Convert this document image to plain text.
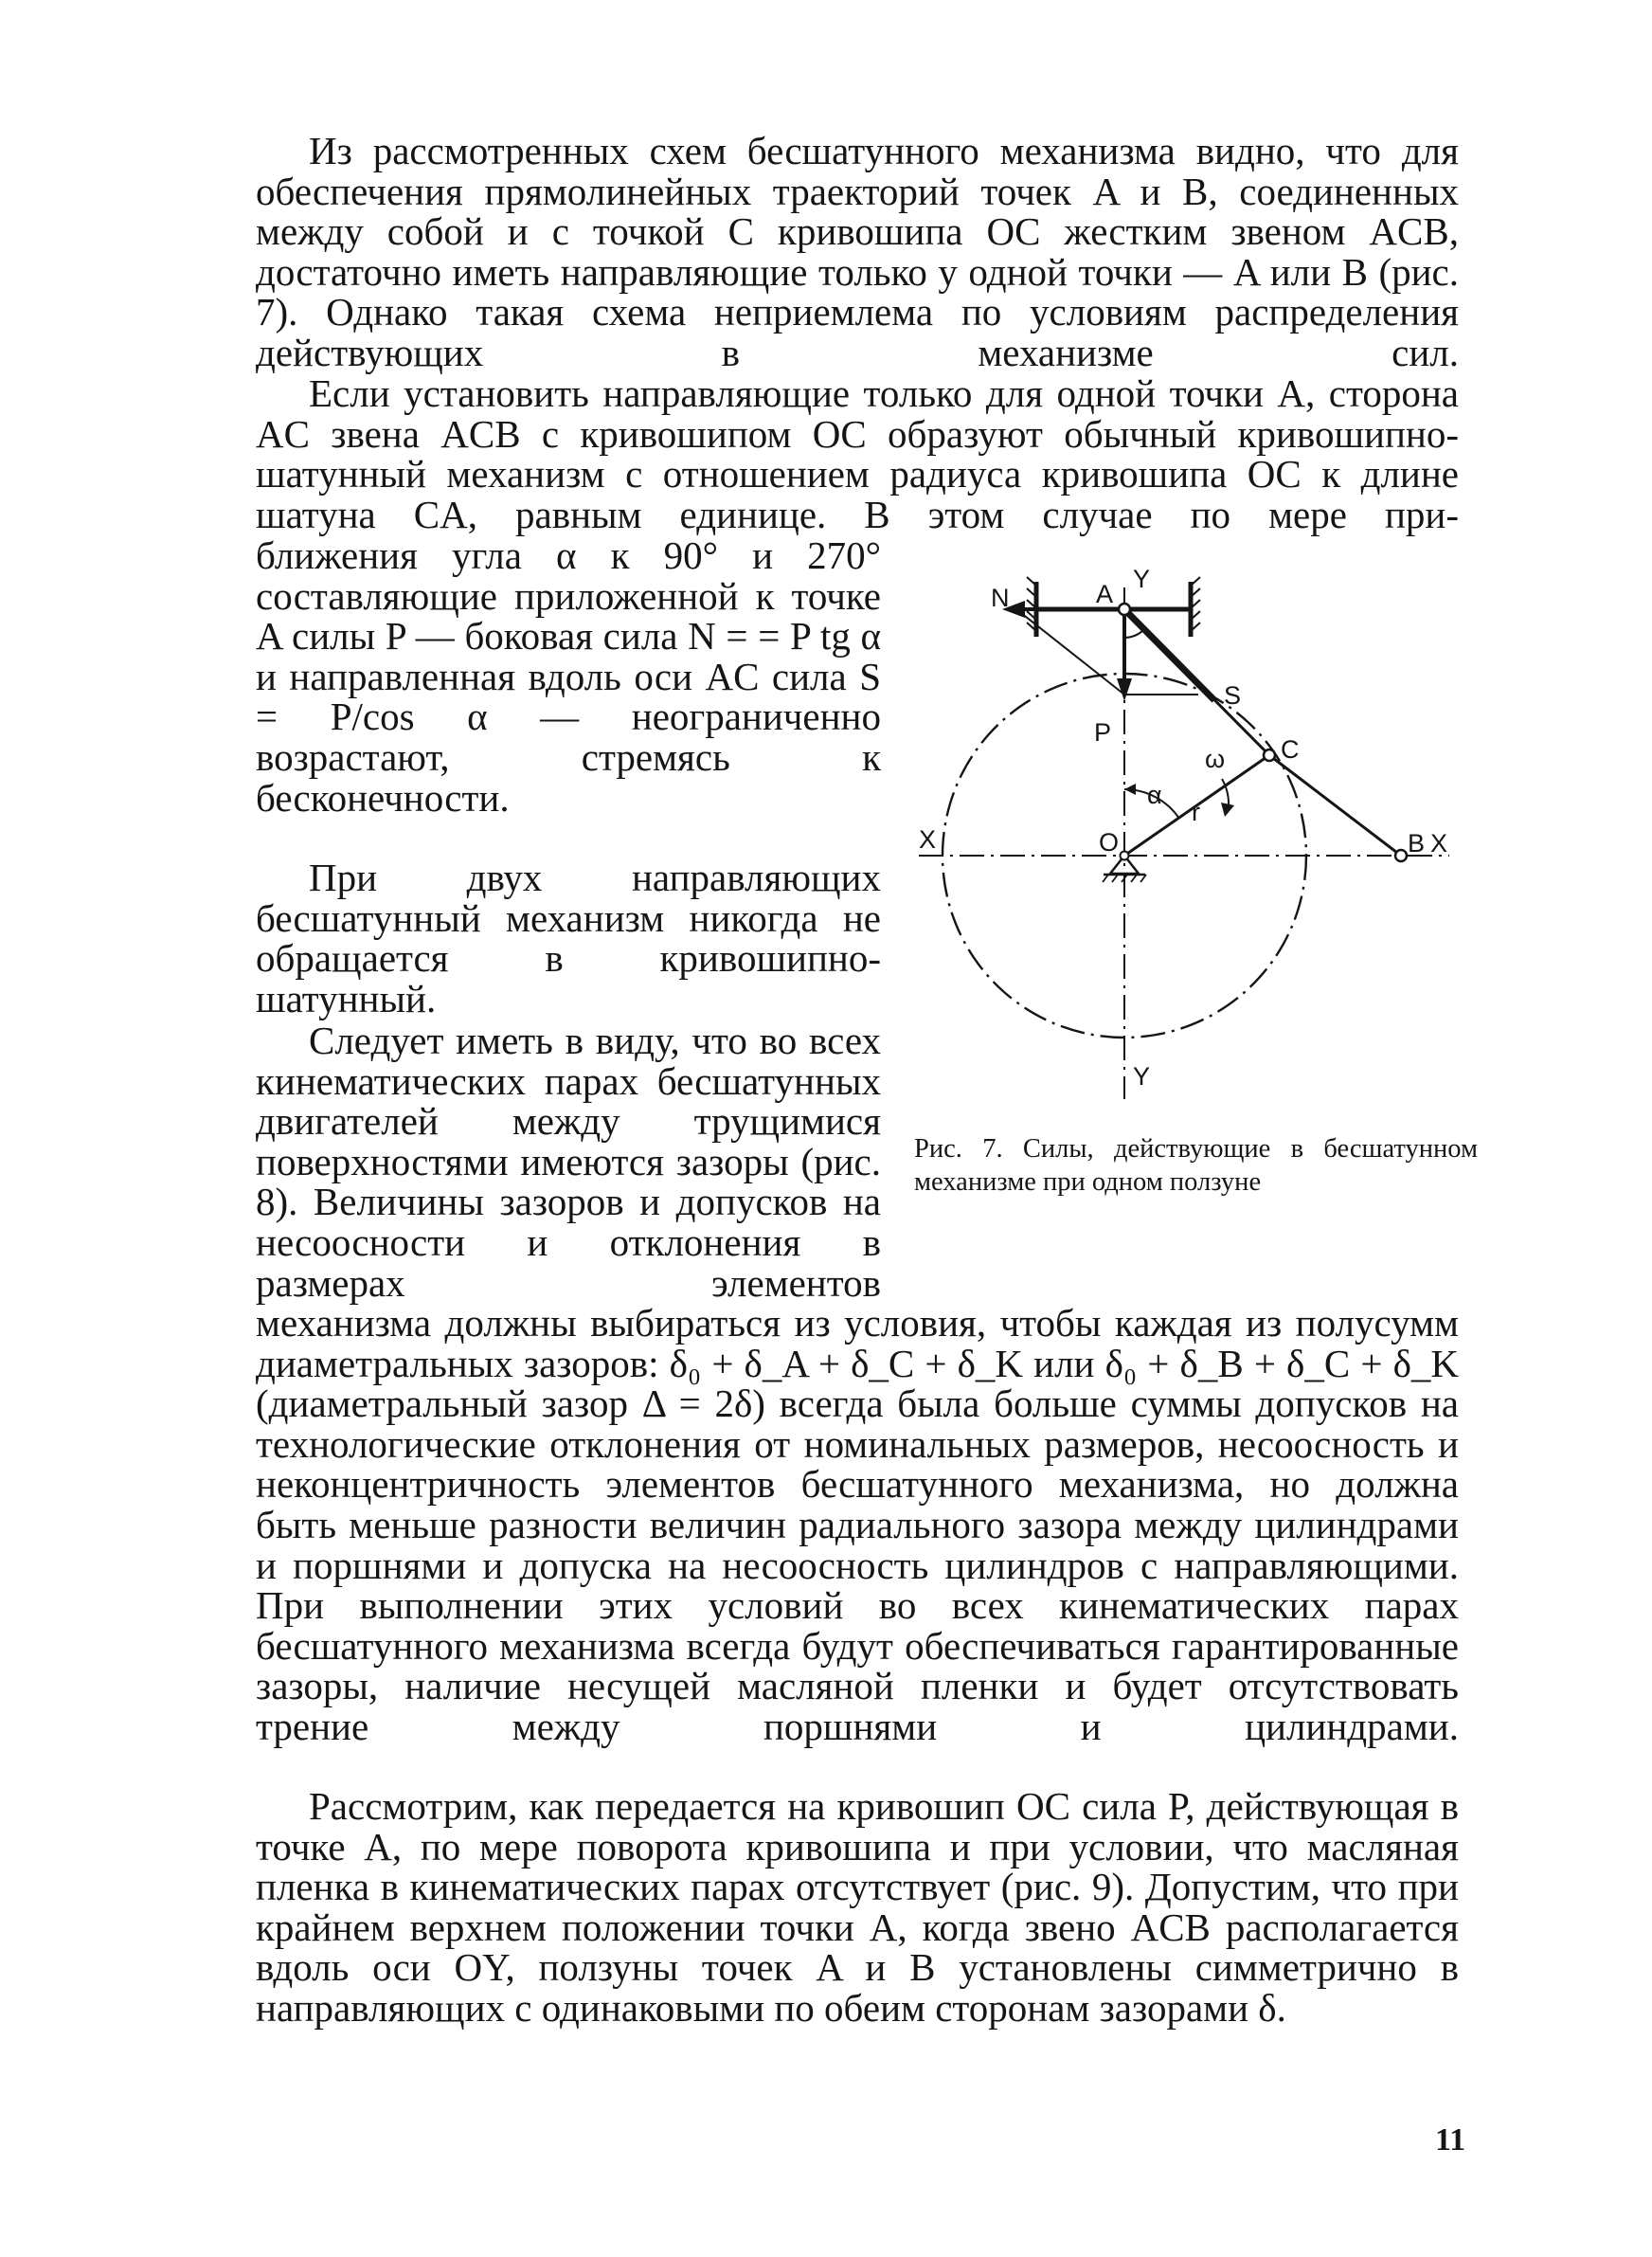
Из рассмотренных схем бесшатунного механизма видно, что для обеспечения прямолинейных траекторий точек A и B, соединенных между собой и с точкой C кривошипа OC жестким звеном ACB, достаточно иметь направляющие только у одной точки — A или B (рис. 7). Однако такая схема неприемлема по условиям распределения действующих в механизме сил.

Если установить направляющие только для одной точки A, сторона AC звена ACB с кривошипом OC образуют обычный кривошипно-шатунный механизм с отношением радиуса кривошипа OC к длине шатуна CA, равным единице. В этом случае по мере при-

ближения угла α к 90° и 270° составляющие приложенной к точке A силы P — боковая сила N = = P tg α и направленная вдоль оси AC сила S = P/cos α — неограниченно возрастают, стремясь к бесконечности.

При двух направляющих бесшатунный механизм никогда не обращается в кривошипно-шатунный.

Следует иметь в виду, что во всех кинематических парах бесшатунных двигателей между трущимися поверхностями имеются зазоры (рис. 8). Величины зазоров и допусков на несоосности и отклонения в размерах элементов

механизма должны выбираться из условия, чтобы каждая из полусумм диаметральных зазоров: δ₀ + δ_A + δ_C + δ_K или δ₀ + δ_B + δ_C + δ_K (диаметральный зазор Δ = 2δ) всегда была больше суммы допусков на технологические отклонения от номинальных размеров, несоосность и неконцентричность элементов бесшатунного механизма, но должна быть меньше разности величин радиального зазора между цилиндрами и поршнями и допуска на несоосность цилиндров с направляющими. При выполнении этих условий во всех кинематических парах бесшатунного механизма всегда будут обеспечиваться гарантированные зазоры, наличие несущей масляной пленки и будет отсутствовать трение между поршнями и цилиндрами.

Рассмотрим, как передается на кривошип OC сила P, действующая в точке A, по мере поворота кривошипа и при условии, что масляная пленка в кинематических парах отсутствует (рис. 9). Допустим, что при крайнем верхнем положении точки A, когда звено ACB располагается вдоль оси OY, ползуны точек A и B установлены симметрично в направляющих с одинаковыми по обеим сторонам зазорами δ.

N	A
Y
S
P
ω C
α
r
X	O	B X
Y
Рис. 7. Силы, действующие в бесшатунном механизме при одном ползуне
11
